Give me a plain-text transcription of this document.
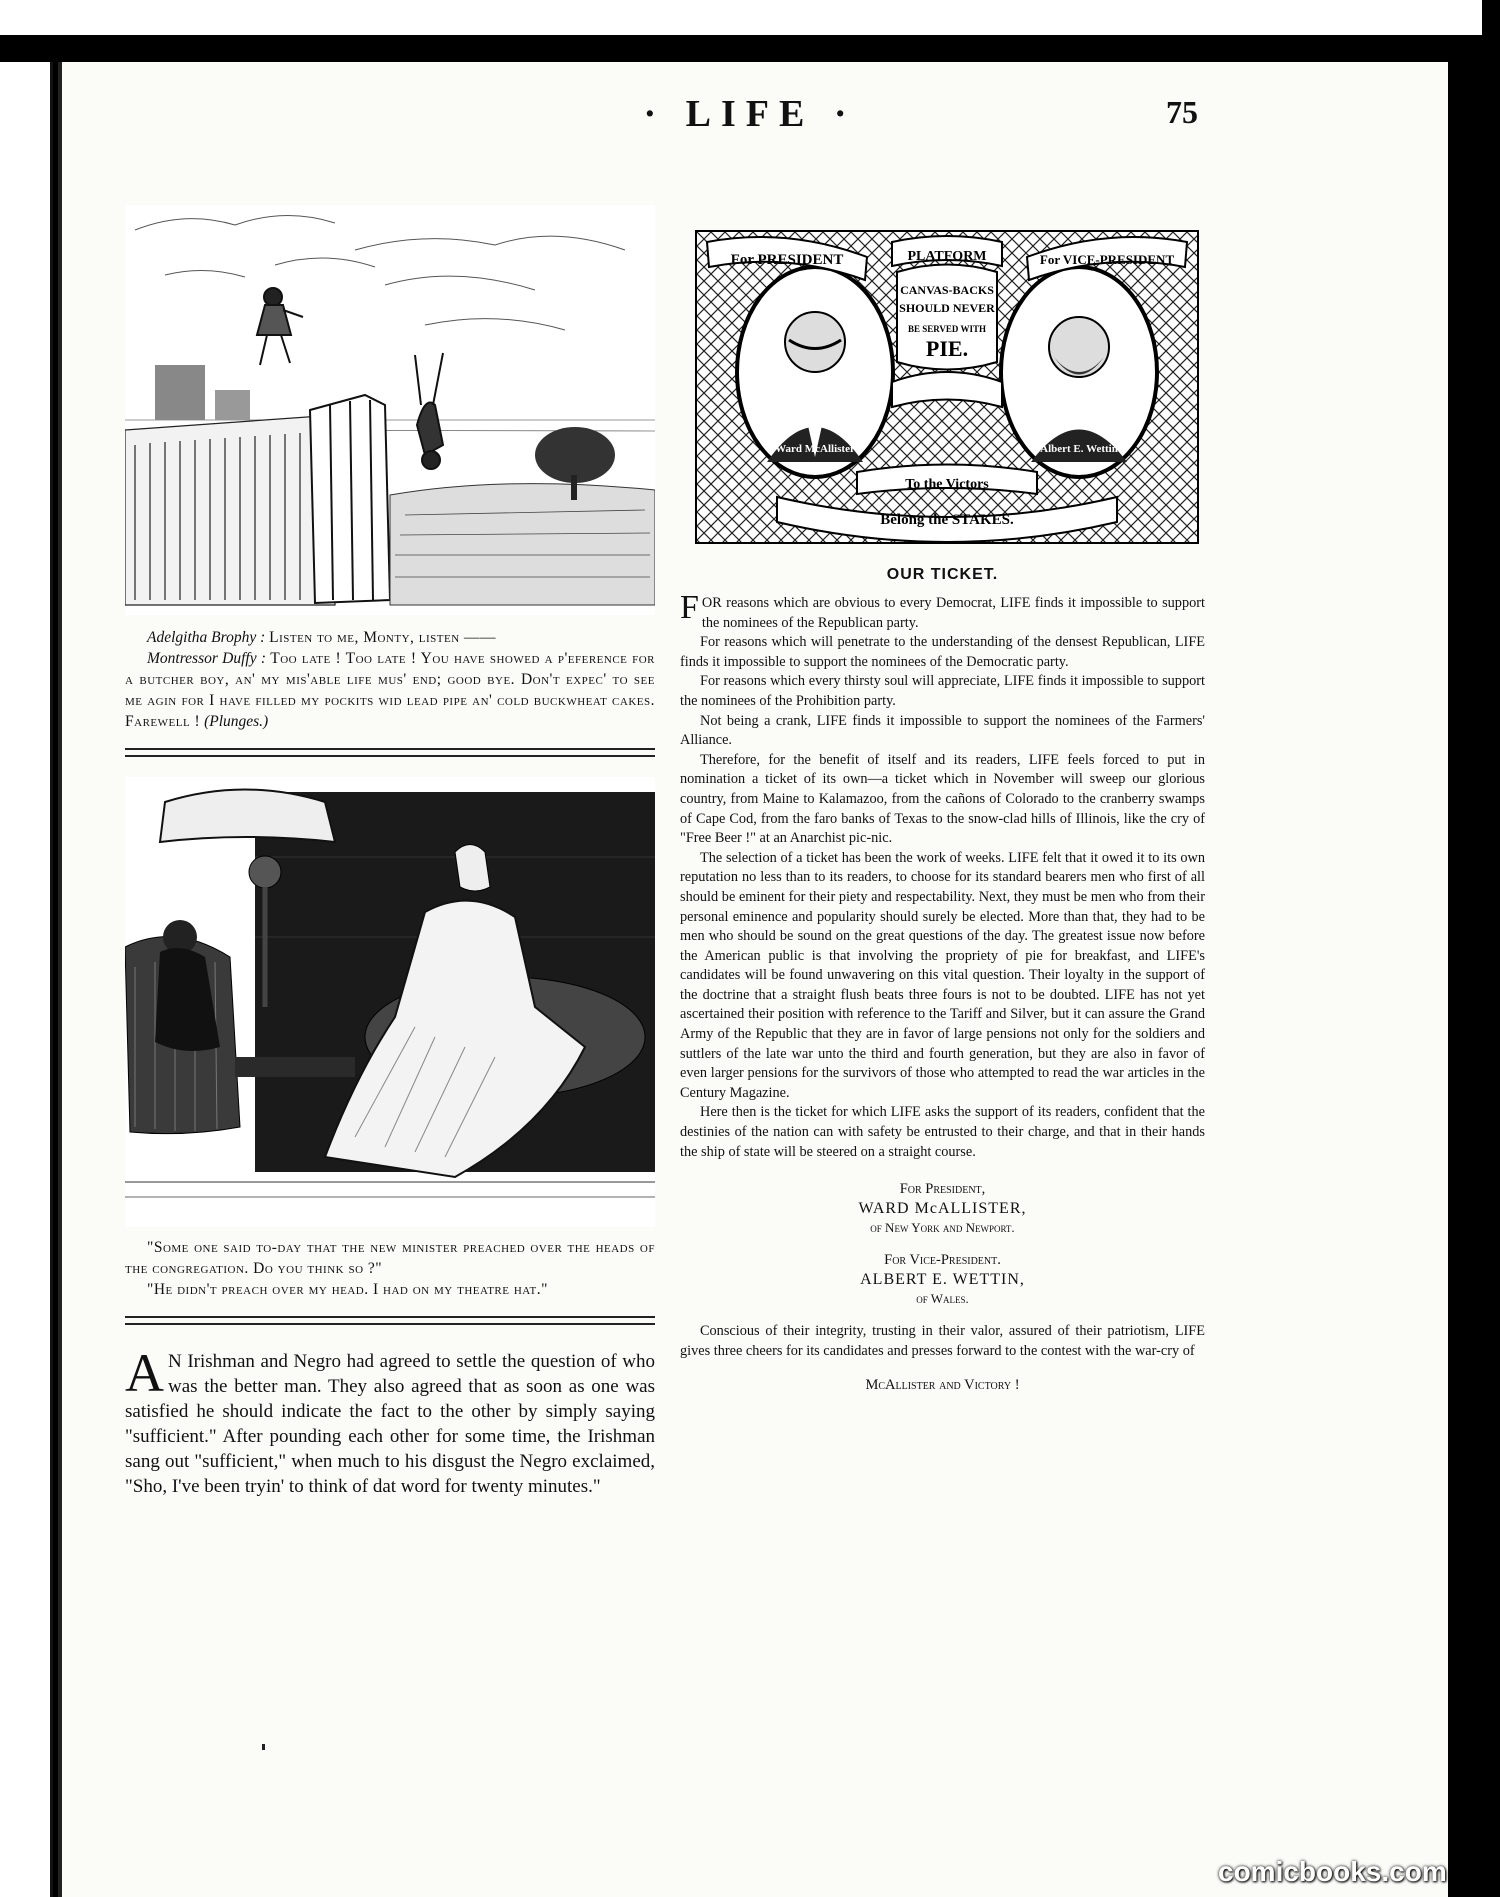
· LIFE ·	75
Adelgitha Brophy : Listen to me, Monty, listen ——
Montressor Duffy : Too late ! Too late ! You have showed a p'eference for a butcher boy, an' my mis'able life mus' end; good bye. Don't expec' to see me agin for I have filled my pockits wid lead pipe an' cold buckwheat cakes. Farewell ! (Plunges.)
"Some one said to-day that the new minister preached over the heads of the congregation. Do you think so ?"
"He didn't preach over my head. I had on my theatre hat."
A N Irishman and Negro had agreed to settle the question of who was the better man. They also agreed that as soon as one was satisfied he should indicate the fact to the other by simply saying "sufficient." After pounding each other for some time, the Irishman sang out "sufficient," when much to his disgust the Negro exclaimed, "Sho, I've been tryin' to think of dat word for twenty minutes."
For PRESIDENT	PLATFORM	For VICE-PRESIDENT
CANVAS-BACKS
SHOULD NEVER
BE SERVED WITH
PIE.
Ward McAllister	Albert E. Wettin
To the Victors
Belong the STAKES.
OUR TICKET.

FOR reasons which are obvious to every Democrat, LIFE finds it impossible to support the nominees of the Republican party.

For reasons which will penetrate to the understanding of the densest Republican, LIFE finds it impossible to support the nominees of the Democratic party.

For reasons which every thirsty soul will appreciate, LIFE finds it impossible to support the nominees of the Prohibition party.

Not being a crank, LIFE finds it impossible to support the nominees of the Farmers' Alliance.

Therefore, for the benefit of itself and its readers, LIFE feels forced to put in nomination a ticket of its own—a ticket which in November will sweep our glorious country, from Maine to Kalamazoo, from the cañons of Colorado to the cranberry swamps of Cape Cod, from the faro banks of Texas to the snow-clad hills of Illinois, like the cry of "Free Beer !" at an Anarchist pic-nic.

The selection of a ticket has been the work of weeks. LIFE felt that it owed it to its own reputation no less than to its readers, to choose for its standard bearers men who first of all should be eminent for their piety and respectability. Next, they must be men who from their personal eminence and popularity should surely be elected. More than that, they had to be men who should be sound on the great questions of the day. The greatest issue now before the American public is that involving the propriety of pie for breakfast, and LIFE's candidates will be found unwavering on this vital question. Their loyalty in the support of the doctrine that a straight flush beats three fours is not to be doubted. LIFE has not yet ascertained their position with reference to the Tariff and Silver, but it can assure the Grand Army of the Republic that they are in favor of large pensions not only for the soldiers and suttlers of the late war unto the third and fourth generation, but they are also in favor of even larger pensions for the survivors of those who attempted to read the war articles in the Century Magazine.

Here then is the ticket for which LIFE asks the support of its readers, confident that the destinies of the nation can with safety be entrusted to their charge, and that in their hands the ship of state will be steered on a straight course.

For President,
WARD McALLISTER,
of New York and Newport.
For Vice-President.
ALBERT E. WETTIN,
of Wales.
Conscious of their integrity, trusting in their valor, assured of their patriotism, LIFE gives three cheers for its candidates and presses forward to the contest with the war-cry of
McAllister and Victory !
comicbooks.com
